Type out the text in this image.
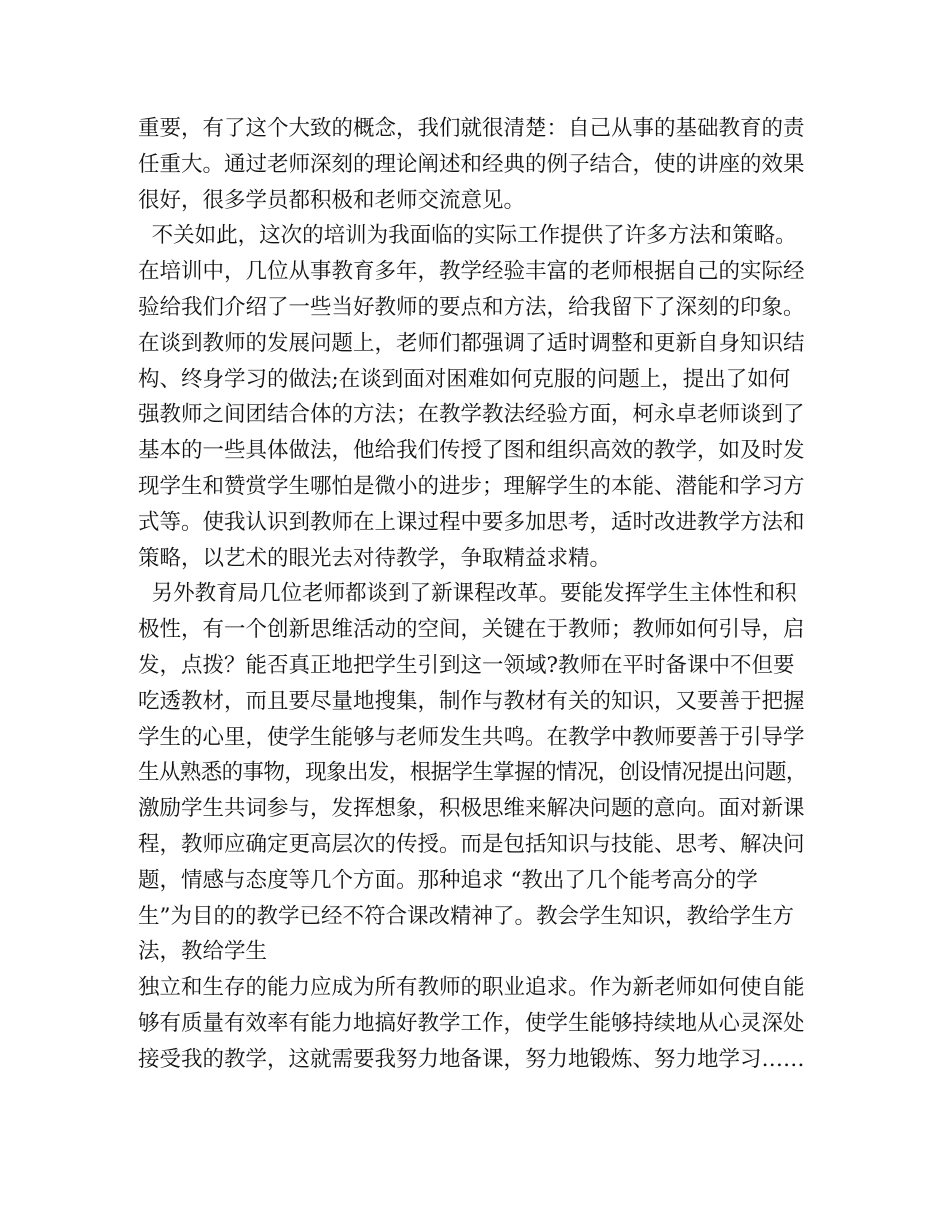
重要，有了这个大致的概念，我们就很清楚：自己从事的基础教育的责
任重大。通过老师深刻的理论阐述和经典的例子结合，使的讲座的效果
很好，很多学员都积极和老师交流意见。
不关如此，这次的培训为我面临的实际工作提供了许多方法和策略。
在培训中，几位从事教育多年，教学经验丰富的老师根据自己的实际经
验给我们介绍了一些当好教师的要点和方法，给我留下了深刻的印象。
在谈到教师的发展问题上，老师们都强调了适时调整和更新自身知识结
构、终身学习的做法;在谈到面对困难如何克服的问题上，提出了如何
强教师之间团结合体的方法；在教学教法经验方面，柯永卓老师谈到了
基本的一些具体做法，他给我们传授了图和组织高效的教学，如及时发
现学生和赞赏学生哪怕是微小的进步；理解学生的本能、潜能和学习方
式等。使我认识到教师在上课过程中要多加思考，适时改进教学方法和
策略，以艺术的眼光去对待教学，争取精益求精。
另外教育局几位老师都谈到了新课程改革。要能发挥学生主体性和积
极性，有一个创新思维活动的空间，关键在于教师；教师如何引导，启
发，点拨？能否真正地把学生引到这一领域?教师在平时备课中不但要
吃透教材，而且要尽量地搜集，制作与教材有关的知识，又要善于把握
学生的心里，使学生能够与老师发生共鸣。在教学中教师要善于引导学
生从熟悉的事物，现象出发，根据学生掌握的情况，创设情况提出问题，
激励学生共词参与，发挥想象，积极思维来解决问题的意向。面对新课
程，教师应确定更高层次的传授。而是包括知识与技能、思考、解决问
题，情感与态度等几个方面。那种追求 “教出了几个能考高分的学
生”为目的的教学已经不符合课改精神了。教会学生知识，教给学生方
法，教给学生
独立和生存的能力应成为所有教师的职业追求。作为新老师如何使自能
够有质量有效率有能力地搞好教学工作，使学生能够持续地从心灵深处
接受我的教学，这就需要我努力地备课，努力地锻炼、努力地学习……
